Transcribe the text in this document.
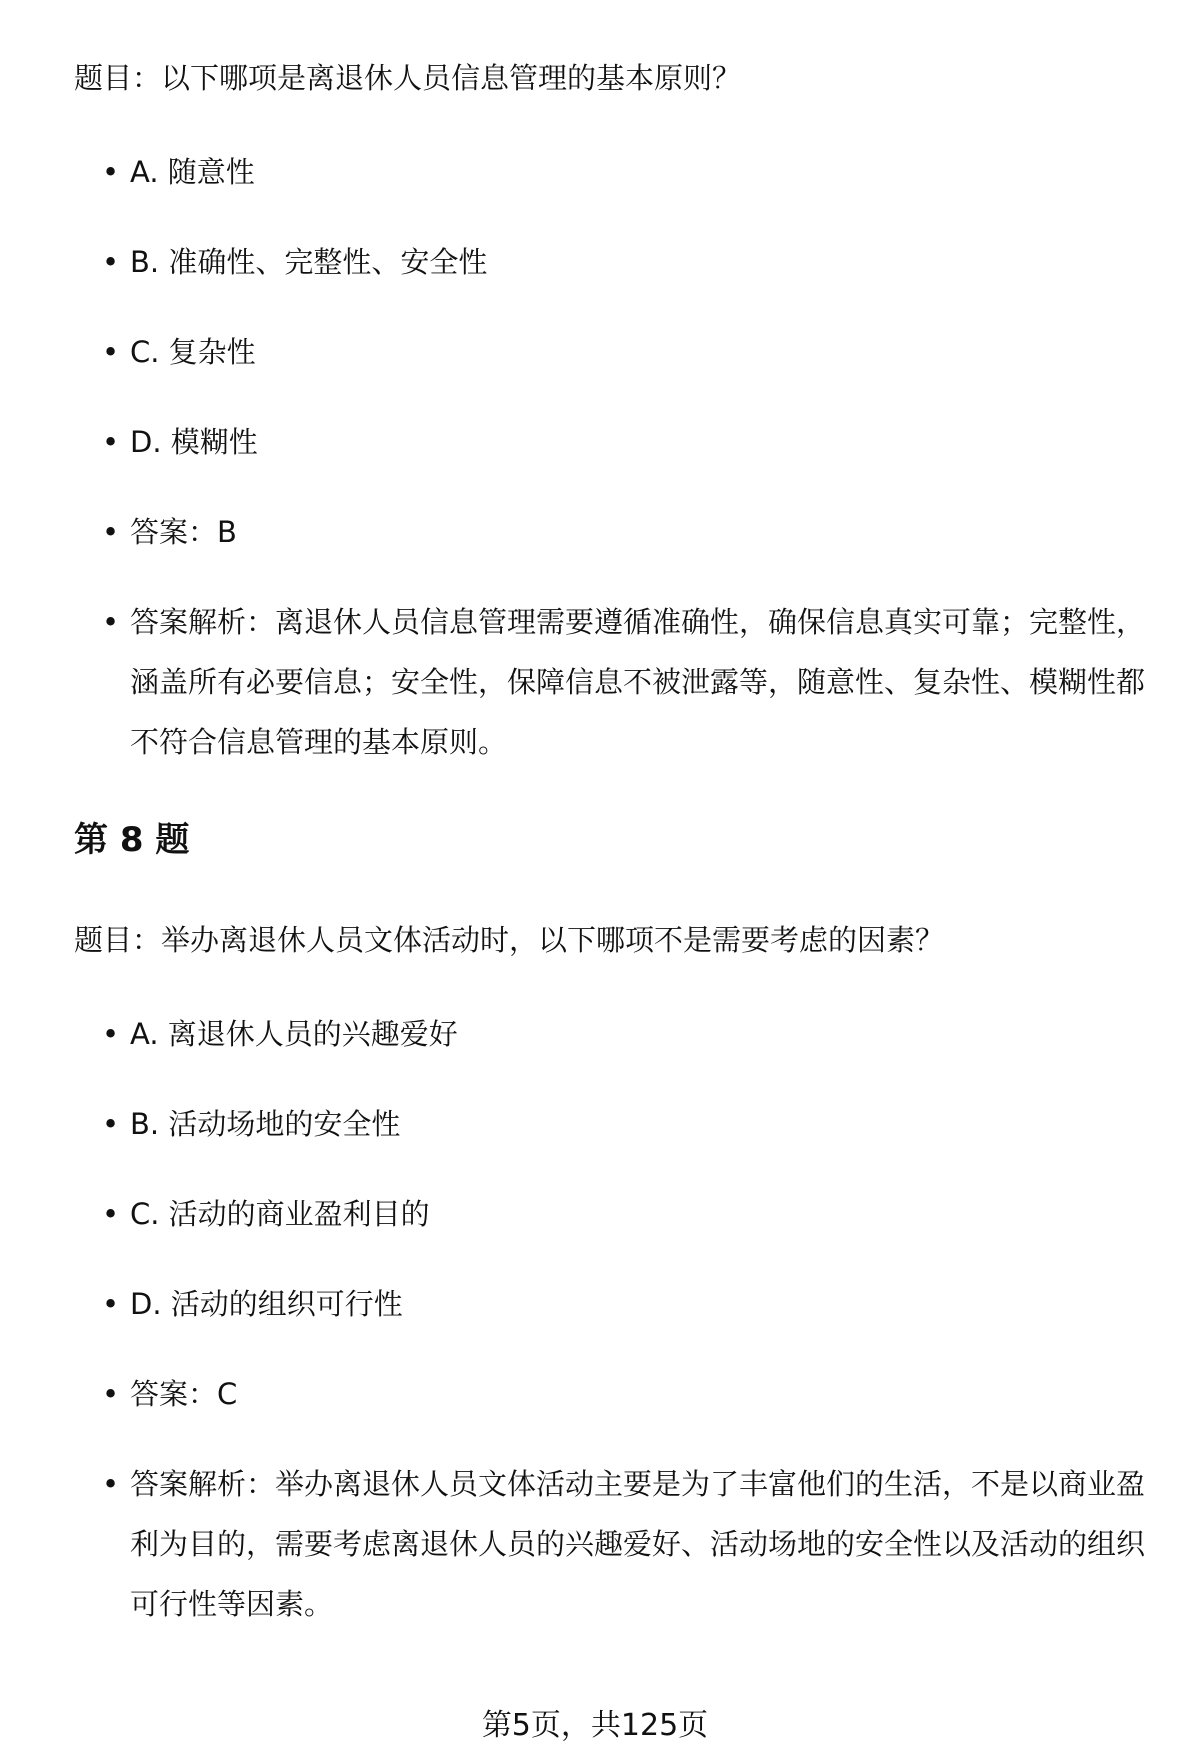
题目：以下哪项是离退休人员信息管理的基本原则？
• A. 随意性
• B. 准确性、完整性、安全性
• C. 复杂性
• D. 模糊性
• 答案：B
• 答案解析：离退休人员信息管理需要遵循准确性，确保信息真实可靠；完整性，涵盖所有必要信息；安全性，保障信息不被泄露等，随意性、复杂性、模糊性都不符合信息管理的基本原则。
第 8 题
题目：举办离退休人员文体活动时，以下哪项不是需要考虑的因素？
• A. 离退休人员的兴趣爱好
• B. 活动场地的安全性
• C. 活动的商业盈利目的
• D. 活动的组织可行性
• 答案：C
• 答案解析：举办离退休人员文体活动主要是为了丰富他们的生活，不是以商业盈利为目的，需要考虑离退休人员的兴趣爱好、活动场地的安全性以及活动的组织可行性等因素。
第5页，共125页
